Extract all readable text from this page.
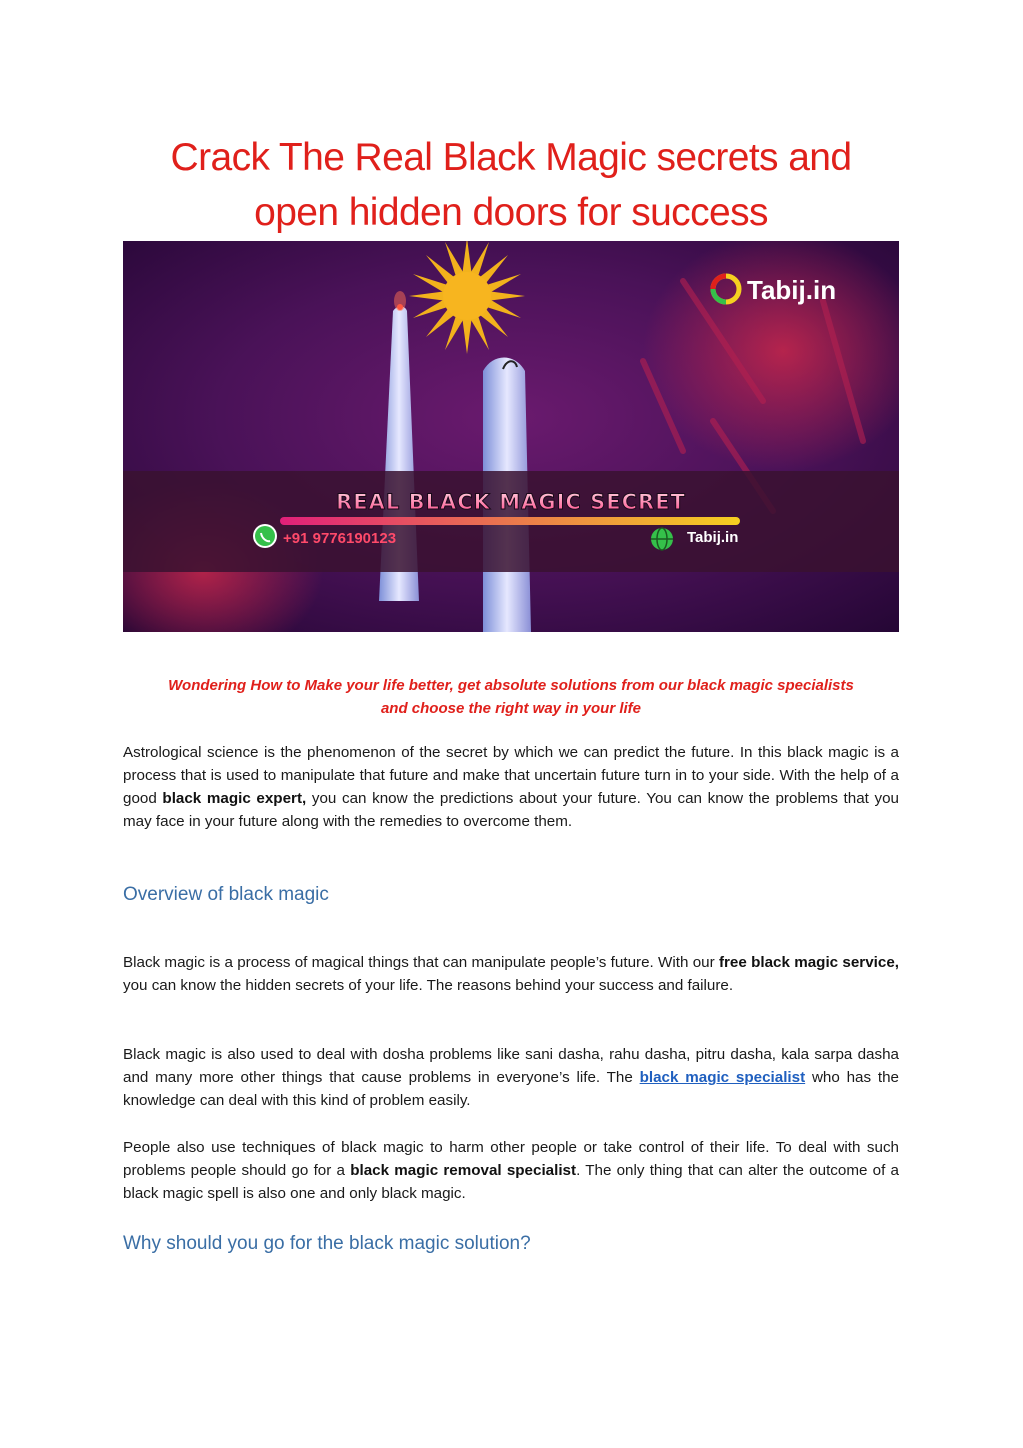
Crack The Real Black Magic secrets and
open hidden doors for success
Tabij.in
REAL BLACK MAGIC SECRET
+91 9776190123	Tabij.in

Wondering How to Make your life better, get absolute solutions from our black magic specialists
and choose the right way in your life

Astrological science is the phenomenon of the secret by which we can predict the future. In this black magic is a process that is used to manipulate that future and make that uncertain future turn in to your side. With the help of a good black magic expert, you can know the predictions about your future. You can know the problems that you may face in your future along with the remedies to overcome them.

Overview of black magic

Black magic is a process of magical things that can manipulate people’s future. With our free black magic service, you can know the hidden secrets of your life. The reasons behind your success and failure.

Black magic is also used to deal with dosha problems like sani dasha, rahu dasha, pitru dasha, kala sarpa dasha and many more other things that cause problems in everyone’s life. The black magic specialist who has the knowledge can deal with this kind of problem easily.

People also use techniques of black magic to harm other people or take control of their life. To deal with such problems people should go for a black magic removal specialist. The only thing that can alter the outcome of a black magic spell is also one and only black magic.

Why should you go for the black magic solution?
